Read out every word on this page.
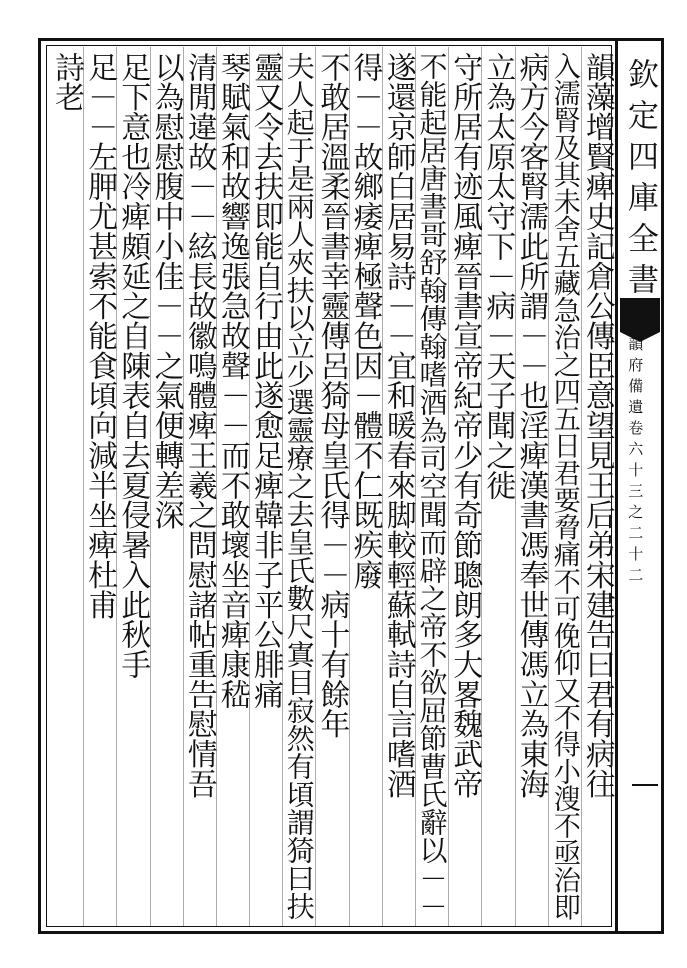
欽定四庫全書
韻府備遺卷六十三之二十二
韻藻增賢痺史記倉公傳臣意望見王后弟宋建告曰君有病往
入濡腎及其未舍五藏急治之四五日君要脅痛不可俛仰又不得小溲不亟治即
病方今客腎濡此所謂－－也淫痺漢書馮奉世傳馮立為東海
立為太原太守下－病－天子聞之徙
守所居有迹風痺晉書宣帝紀帝少有奇節聰朗多大畧魏武帝
不能起居唐書哥舒翰傳翰嗜酒為司空聞而辟之帝不欲屈節曹氏辭以－－
遂還京師白居易詩－－宜和暖春來脚較輕蘇軾詩自言嗜酒
得－－故鄉痿痺極聲色因－體不仁既疾廢
不敢居溫柔晉書幸靈傳呂猗母皇氏得－－病十有餘年
夫人起于是兩人夾扶以立少選靈療之去皇氏數尺寘目寂然有頃謂猗曰扶
靈又令去扶即能自行由此遂愈足痺韓非子平公腓痛
琴賦氣和故響逸張急故聲－－而不敢壞坐音痺康嵇
清閒違故－－絃長故徽鳴體痺王羲之問慰諸帖重告慰情吾
以為慰慰腹中小佳－－之氣便轉差深
足下意也冷痺頗延之自陳表自去夏侵暑入此秋手
足－－左胛尤甚索不能食頃向減半坐痺杜甫
詩老
